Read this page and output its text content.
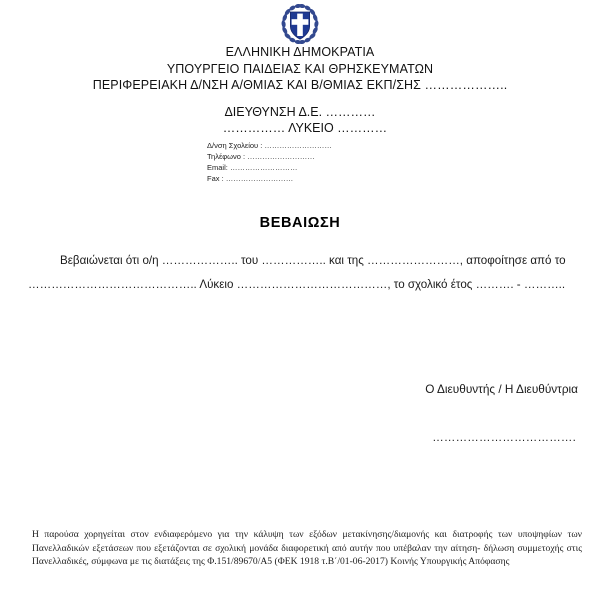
ΕΛΛΗΝΙΚΗ ΔΗΜΟΚΡΑΤΙΑ
ΥΠΟΥΡΓΕΙΟ ΠΑΙΔΕΙΑΣ ΚΑΙ ΘΡΗΣΚΕΥΜΑΤΩΝ
ΠΕΡΙΦΕΡΕΙΑΚΗ Δ/ΝΣΗ Α/ΘΜΙΑΣ ΚΑΙ Β/ΘΜΙΑΣ ΕΚΠ/ΣΗΣ ………………..
ΔΙΕΥΘΥΝΣΗ Δ.Ε. …………
…………… ΛΥΚΕΙΟ …………
Δ/νση Σχολείου : ………………………
Τηλέφωνο : ………………………
Email: ………………………
Fax : ………………………
ΒΕΒΑΙΩΣΗ
Βεβαιώνεται ότι ο/η ……………….. του …………….. και της ……………………, αποφοίτησε από το
…………………………………….. Λύκειο …………………………………, το σχολικό έτος ………. - ………..
Ο Διευθυντής / Η Διευθύντρια
……………………………….

Η παρούσα χορηγείται στον ενδιαφερόμενο για την κάλυψη των εξόδων μετακίνησης/διαμονής και διατροφής των υποψηφίων των Πανελλαδικών εξετάσεων που εξετάζονται σε σχολική μονάδα διαφορετική από αυτήν που υπέβαλαν την αίτηση- δήλωση συμμετοχής στις Πανελλαδικές, σύμφωνα με τις διατάξεις της Φ.151/89670/Α5 (ΦΕΚ 1918 τ.Β΄/01-06-2017) Κοινής Υπουργικής Απόφασης
